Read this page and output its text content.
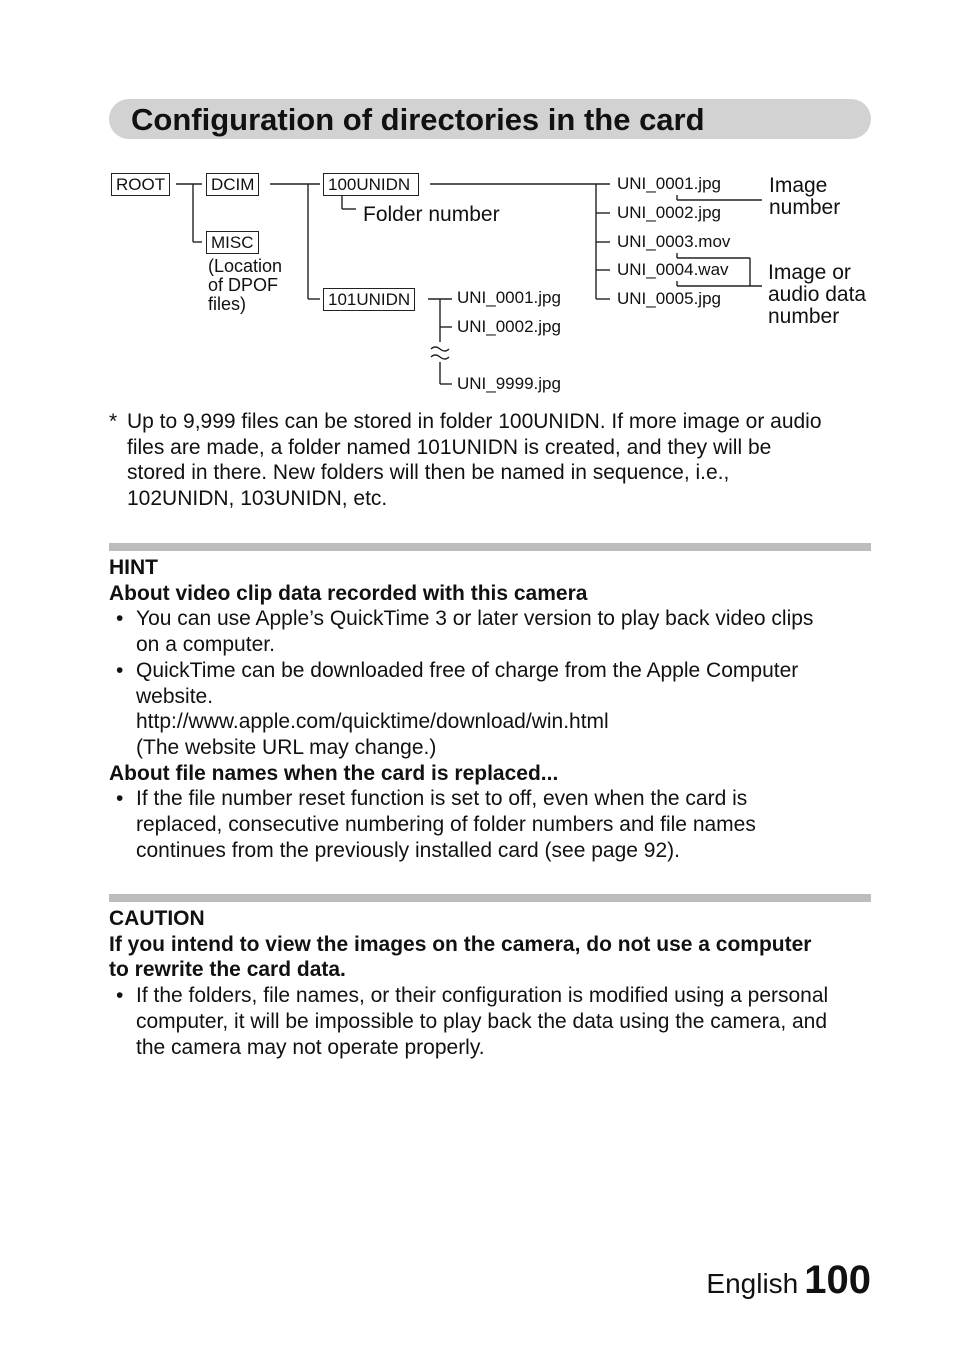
Configuration of directories in the card
ROOT	DCIM
MISC
(Location
of DPOF
files)
100UNIDN
Folder number
101UNIDN
UNI_0001.jpg
UNI_0002.jpg
UNI_0003.mov
UNI_0004.wav
UNI_0005.jpg
UNI_0001.jpg
UNI_0002.jpg
UNI_9999.jpg
Image
number
Image or
audio data
number
* Up to 9,999 files can be stored in folder 100UNIDN. If more image or audio
files are made, a folder named 101UNIDN is created, and they will be
stored in there. New folders will then be named in sequence, i.e.,
102UNIDN, 103UNIDN, etc.
HINT
About video clip data recorded with this camera
• You can use Apple’s QuickTime 3 or later version to play back video clips
on a computer.
• QuickTime can be downloaded free of charge from the Apple Computer
website.
http://www.apple.com/quicktime/download/win.html
(The website URL may change.)
About file names when the card is replaced...
• If the file number reset function is set to off, even when the card is
replaced, consecutive numbering of folder numbers and file names
continues from the previously installed card (see page 92).
CAUTION
If you intend to view the images on the camera, do not use a computer
to rewrite the card data.
• If the folders, file names, or their configuration is modified using a personal
computer, it will be impossible to play back the data using the camera, and
the camera may not operate properly.
English 100
